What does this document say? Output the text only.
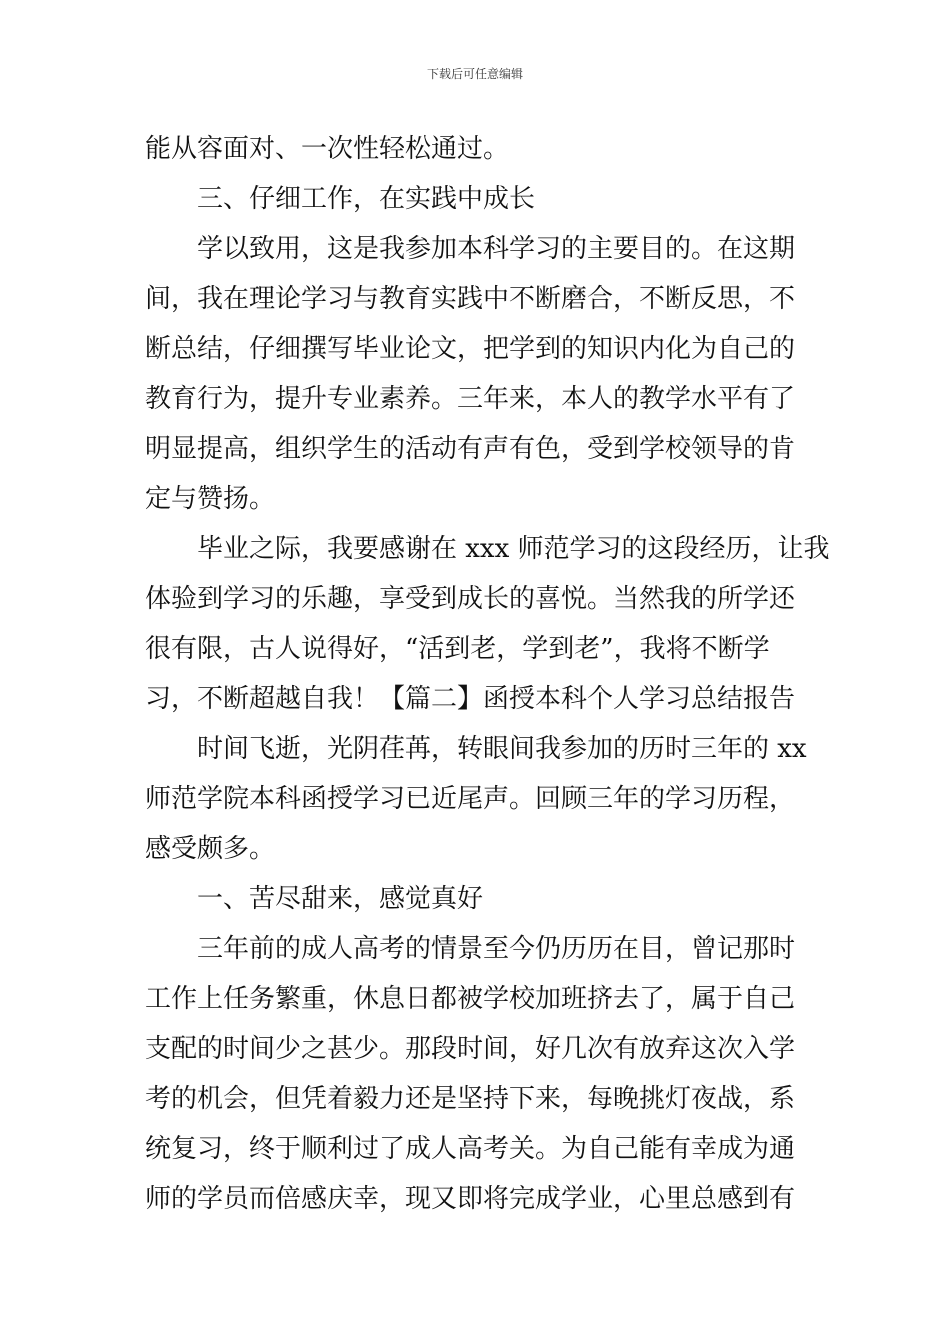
下载后可任意编辑
能从容面对、一次性轻松通过。
三、仔细工作，在实践中成长
学以致用，这是我参加本科学习的主要目的。在这期
间，我在理论学习与教育实践中不断磨合，不断反思，不
断总结，仔细撰写毕业论文，把学到的知识内化为自己的
教育行为，提升专业素养。三年来，本人的教学水平有了
明显提高，组织学生的活动有声有色，受到学校领导的肯
定与赞扬。
毕业之际，我要感谢在 xxx 师范学习的这段经历，让我
体验到学习的乐趣，享受到成长的喜悦。当然我的所学还
很有限，古人说得好，“活到老，学到老”，我将不断学
习，不断超越自我！【篇二】函授本科个人学习总结报告
时间飞逝，光阴荏苒，转眼间我参加的历时三年的 xx
师范学院本科函授学习已近尾声。回顾三年的学习历程，
感受颇多。
一、苦尽甜来，感觉真好
三年前的成人高考的情景至今仍历历在目，曾记那时
工作上任务繁重，休息日都被学校加班挤去了，属于自己
支配的时间少之甚少。那段时间，好几次有放弃这次入学
考的机会，但凭着毅力还是坚持下来，每晚挑灯夜战，系
统复习，终于顺利过了成人高考关。为自己能有幸成为通
师的学员而倍感庆幸，现又即将完成学业，心里总感到有
